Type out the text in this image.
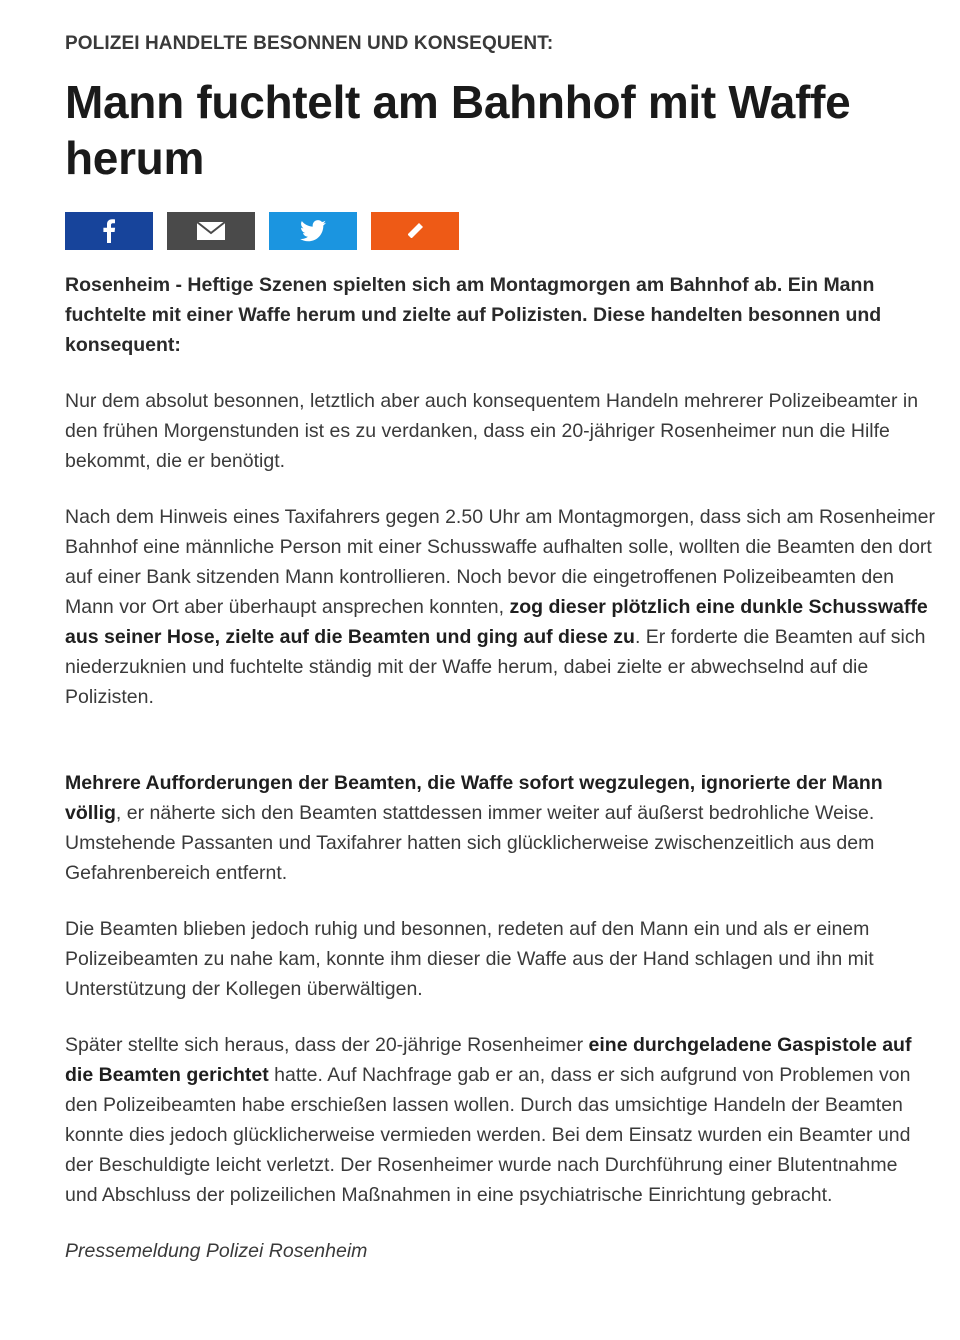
POLIZEI HANDELTE BESONNEN UND KONSEQUENT:

Mann fuchtelt am Bahnhof mit Waffe herum

Rosenheim - Heftige Szenen spielten sich am Montagmorgen am Bahnhof ab. Ein Mann fuchtelte mit einer Waffe herum und zielte auf Polizisten. Diese handelten besonnen und konsequent:

Nur dem absolut besonnen, letztlich aber auch konsequentem Handeln mehrerer Polizeibeamter in den frühen Morgenstunden ist es zu verdanken, dass ein 20-jähriger Rosenheimer nun die Hilfe bekommt, die er benötigt.

Nach dem Hinweis eines Taxifahrers gegen 2.50 Uhr am Montagmorgen, dass sich am Rosenheimer Bahnhof eine männliche Person mit einer Schusswaffe aufhalten solle, wollten die Beamten den dort auf einer Bank sitzenden Mann kontrollieren. Noch bevor die eingetroffenen Polizeibeamten den Mann vor Ort aber überhaupt ansprechen konnten, zog dieser plötzlich eine dunkle Schusswaffe aus seiner Hose, zielte auf die Beamten und ging auf diese zu. Er forderte die Beamten auf sich niederzuknien und fuchtelte ständig mit der Waffe herum, dabei zielte er abwechselnd auf die Polizisten.

Mehrere Aufforderungen der Beamten, die Waffe sofort wegzulegen, ignorierte der Mann völlig, er näherte sich den Beamten stattdessen immer weiter auf äußerst bedrohliche Weise. Umstehende Passanten und Taxifahrer hatten sich glücklicherweise zwischenzeitlich aus dem Gefahrenbereich entfernt.

Die Beamten blieben jedoch ruhig und besonnen, redeten auf den Mann ein und als er einem Polizeibeamten zu nahe kam, konnte ihm dieser die Waffe aus der Hand schlagen und ihn mit Unterstützung der Kollegen überwältigen.

Später stellte sich heraus, dass der 20-jährige Rosenheimer eine durchgeladene Gaspistole auf die Beamten gerichtet hatte. Auf Nachfrage gab er an, dass er sich aufgrund von Problemen von den Polizeibeamten habe erschießen lassen wollen. Durch das umsichtige Handeln der Beamten konnte dies jedoch glücklicherweise vermieden werden. Bei dem Einsatz wurden ein Beamter und der Beschuldigte leicht verletzt. Der Rosenheimer wurde nach Durchführung einer Blutentnahme und Abschluss der polizeilichen Maßnahmen in eine psychiatrische Einrichtung gebracht.

Pressemeldung Polizei Rosenheim
